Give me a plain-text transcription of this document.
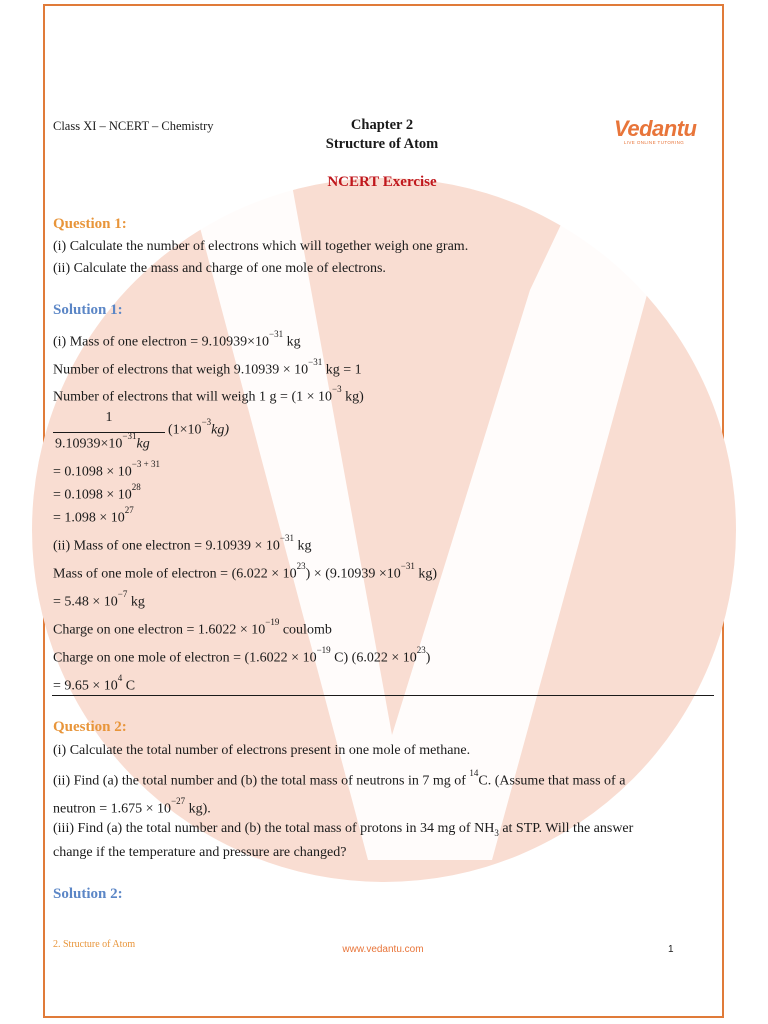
Class XI – NCERT – Chemistry	Chapter 2
Structure of Atom
Vedantu
LIVE ONLINE TUTORING
NCERT Exercise
Question 1:
(i) Calculate the number of electrons which will together weigh one gram.
(ii) Calculate the mass and charge of one mole of electrons.
Solution 1:
(i) Mass of one electron = $9.10939\times 10^{-31}$ kg
Number of electrons that weigh $9.10939 \times 10^{-31}$ kg = 1
Number of electrons that will weigh 1 $g = (1 \times 10^{-3}$ kg)
1
$9.10939\times 10^{-31}kg$
$(1\times 10^{-3}kg)$
= $0.1098 \times 10^{-3 + 31}$
= $0.1098 \times 10^{28}$
= $1.098 \times 10^{27}$
(ii) Mass of one electron = $9.10939 \times 10^{-31}$ kg
Mass of one mole of electron = $(6.022 \times 10^{23}) \times (9.10939 \times 10^{-31}$ kg)
= $5.48 \times 10^{-7}$ kg
Charge on one electron = $1.6022 \times 10^{-19}$ coulomb
Charge on one mole of electron = ($1.6022 \times 10^{-19}$ C) $(6.022 \times 10^{23})$
= $9.65 \times 10^4$ C
Question 2:
(i) Calculate the total number of electrons present in one mole of methane.
(ii) Find (a) the total number and (b) the total mass of neutrons in 7 mg of $^{14}$C. (Assume that mass of a
neutron = $1.675 \times 10^{-27}$ kg).
(iii) Find (a) the total number and (b) the total mass of protons in 34 mg of $NH_3$ at STP. Will the answer
change if the temperature and pressure are changed?
Solution 2:
2. Structure of Atom	www.vedantu.com	1
